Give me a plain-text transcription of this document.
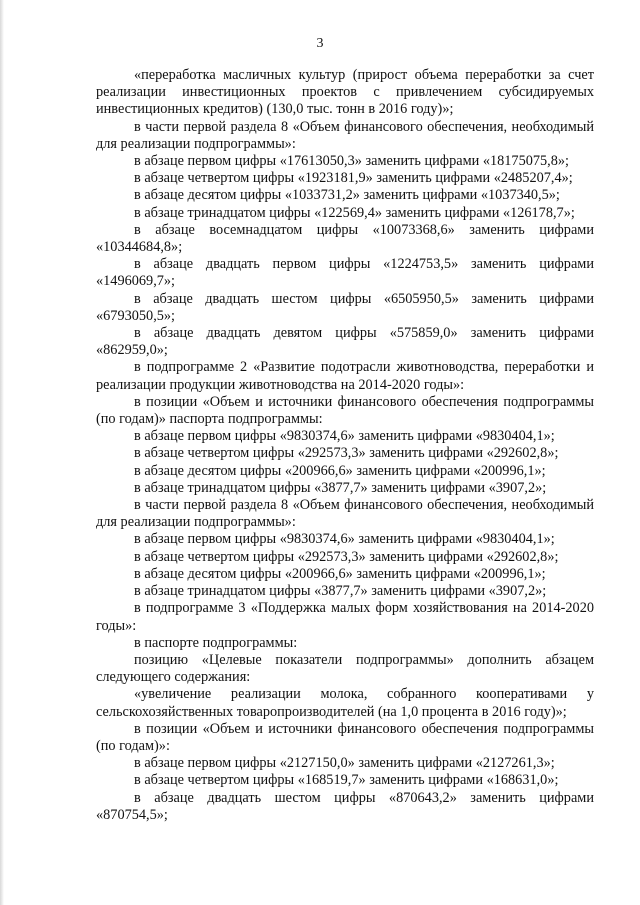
3

«переработка масличных культур (прирост объема переработки за счет реализации инвестиционных проектов с привлечением субсидируемых инвестиционных кредитов) (130,0 тыс. тонн в 2016 году)»;

в части первой раздела 8 «Объем финансового обеспечения, необходимый для реализации подпрограммы»:

в абзаце первом цифры «17613050,3» заменить цифрами «18175075,8»;

в абзаце четвертом цифры «1923181,9» заменить цифрами «2485207,4»;

в абзаце десятом цифры «1033731,2» заменить цифрами «1037340,5»;

в абзаце тринадцатом цифры «122569,4» заменить цифрами «126178,7»;

в абзаце восемнадцатом цифры «10073368,6» заменить цифрами «10344684,8»;

в абзаце двадцать первом цифры «1224753,5» заменить цифрами «1496069,7»;

в абзаце двадцать шестом цифры «6505950,5» заменить цифрами «6793050,5»;

в абзаце двадцать девятом цифры «575859,0» заменить цифрами «862959,0»;

в подпрограмме 2 «Развитие подотрасли животноводства, переработки и реализации продукции животноводства на 2014-2020 годы»:

в позиции «Объем и источники финансового обеспечения подпрограммы (по годам)» паспорта подпрограммы:

в абзаце первом цифры «9830374,6» заменить цифрами «9830404,1»;

в абзаце четвертом цифры «292573,3» заменить цифрами «292602,8»;

в абзаце десятом цифры «200966,6» заменить цифрами «200996,1»;

в абзаце тринадцатом цифры «3877,7» заменить цифрами «3907,2»;

в части первой раздела 8 «Объем финансового обеспечения, необходимый для реализации подпрограммы»:

в абзаце первом цифры «9830374,6» заменить цифрами «9830404,1»;

в абзаце четвертом цифры «292573,3» заменить цифрами «292602,8»;

в абзаце десятом цифры «200966,6» заменить цифрами «200996,1»;

в абзаце тринадцатом цифры «3877,7» заменить цифрами «3907,2»;

в подпрограмме 3 «Поддержка малых форм хозяйствования на 2014-2020 годы»:

в паспорте подпрограммы:

позицию «Целевые показатели подпрограммы» дополнить абзацем следующего содержания:

«увеличение реализации молока, собранного кооперативами у сельскохозяйственных товаропроизводителей (на 1,0 процента в 2016 году)»;

в позиции «Объем и источники финансового обеспечения подпрограммы (по годам)»:

в абзаце первом цифры «2127150,0» заменить цифрами «2127261,3»;

в абзаце четвертом цифры «168519,7» заменить цифрами «168631,0»;

в абзаце двадцать шестом цифры «870643,2» заменить цифрами «870754,5»;
